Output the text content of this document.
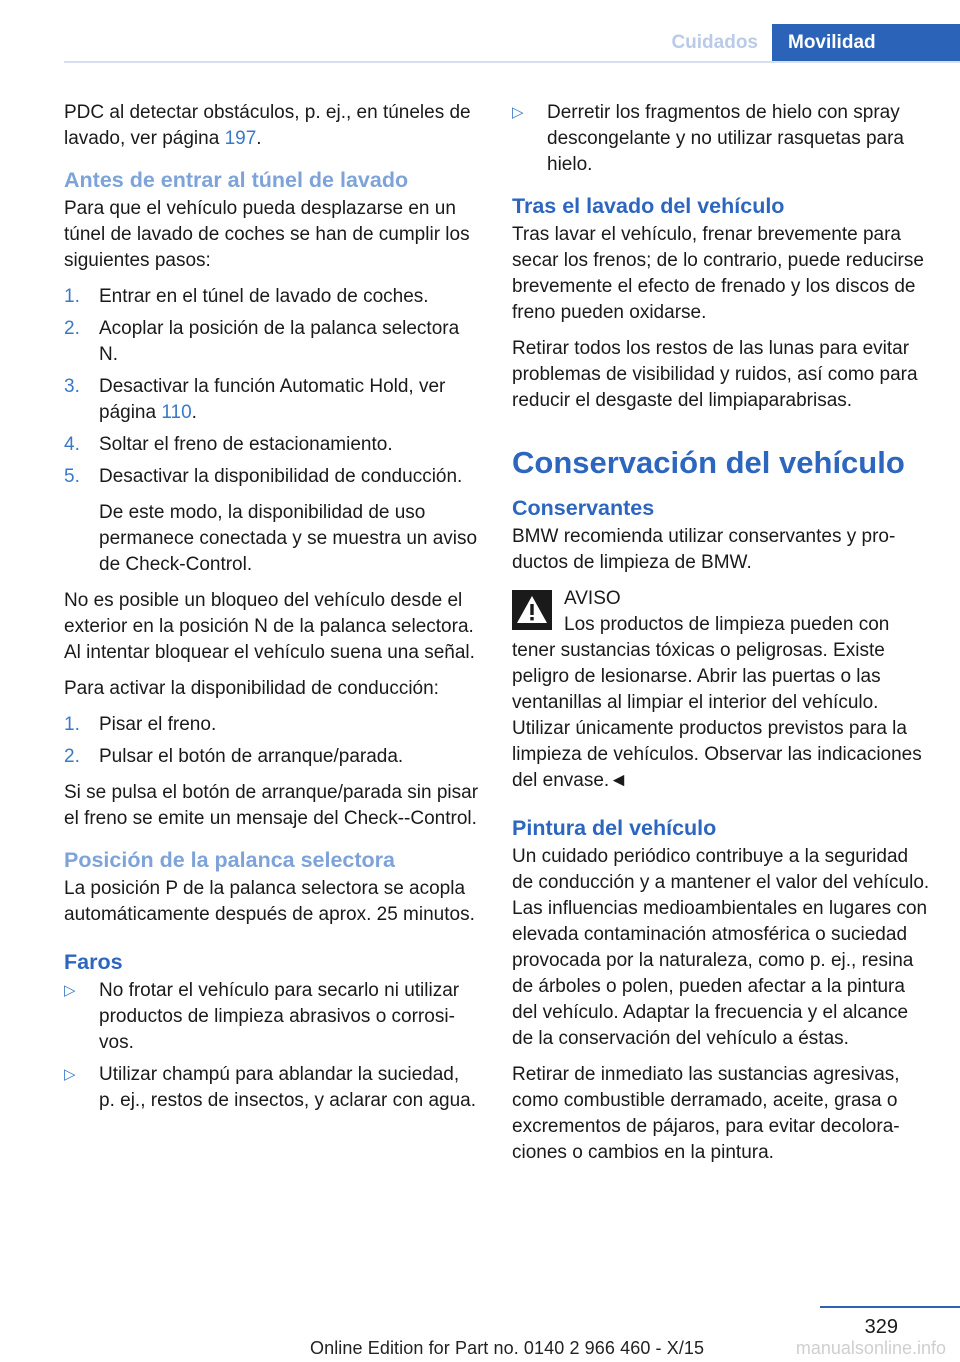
Cuidados	Movilidad

PDC al detectar obstáculos, p. ej., en túneles de lavado, ver página 197.

Antes de entrar al túnel de lavado

Para que el vehículo pueda desplazarse en un túnel de lavado de coches se han de cumplir los siguientes pasos:

1. Entrar en el túnel de lavado de coches.
2. Acoplar la posición de la palanca selectora N.
3. Desactivar la función Automatic Hold, ver página 110.
4. Soltar el freno de estacionamiento.
5. Desactivar la disponibilidad de conducción.

De este modo, la disponibilidad de uso permanece conectada y se muestra un aviso de Check-Control.

No es posible un bloqueo del vehículo desde el exterior en la posición N de la palanca selectora. Al intentar bloquear el vehículo suena una señal.

Para activar la disponibilidad de conducción:

1. Pisar el freno.
2. Pulsar el botón de arranque/parada.

Si se pulsa el botón de arranque/parada sin pisar el freno se emite un mensaje del Check--Control.

Posición de la palanca selectora

La posición P de la palanca selectora se acopla automáticamente después de aprox. 25 minutos.

Faros
▷ No frotar el vehículo para secarlo ni utilizar productos de limpieza abrasivos o corrosivos.
▷ Utilizar champú para ablandar la suciedad, p. ej., restos de insectos, y aclarar con agua.
▷ Derretir los fragmentos de hielo con spray descongelante y no utilizar rasquetas para hielo.
Tras el lavado del vehículo

Tras lavar el vehículo, frenar brevemente para secar los frenos; de lo contrario, puede reducirse brevemente el efecto de frenado y los discos de freno pueden oxidarse.

Retirar todos los restos de las lunas para evitar problemas de visibilidad y ruidos, así como para reducir el desgaste del limpiaparabrisas.

Conservación del vehículo
Conservantes

BMW recomienda utilizar conservantes y productos de limpieza de BMW.

AVISO
Los productos de limpieza pueden con

tener sustancias tóxicas o peligrosas. Existe peligro de lesionarse. Abrir las puertas o las ventanillas al limpiar el interior del vehículo. Utilizar únicamente productos previstos para la limpieza de vehículos. Observar las indicaciones del envase.◄

Pintura del vehículo

Un cuidado periódico contribuye a la seguridad de conducción y a mantener el valor del vehículo. Las influencias medioambientales en lugares con elevada contaminación atmosférica o suciedad provocada por la naturaleza, como p. ej., resina de árboles o polen, pueden afectar a la pintura del vehículo. Adaptar la frecuencia y el alcance de la conservación del vehículo a éstas.

Retirar de inmediato las sustancias agresivas, como combustible derramado, aceite, grasa o excrementos de pájaros, para evitar decoloraciones o cambios en la pintura.

329
Online Edition for Part no. 0140 2 966 460 - X/15	manualsonline.info
